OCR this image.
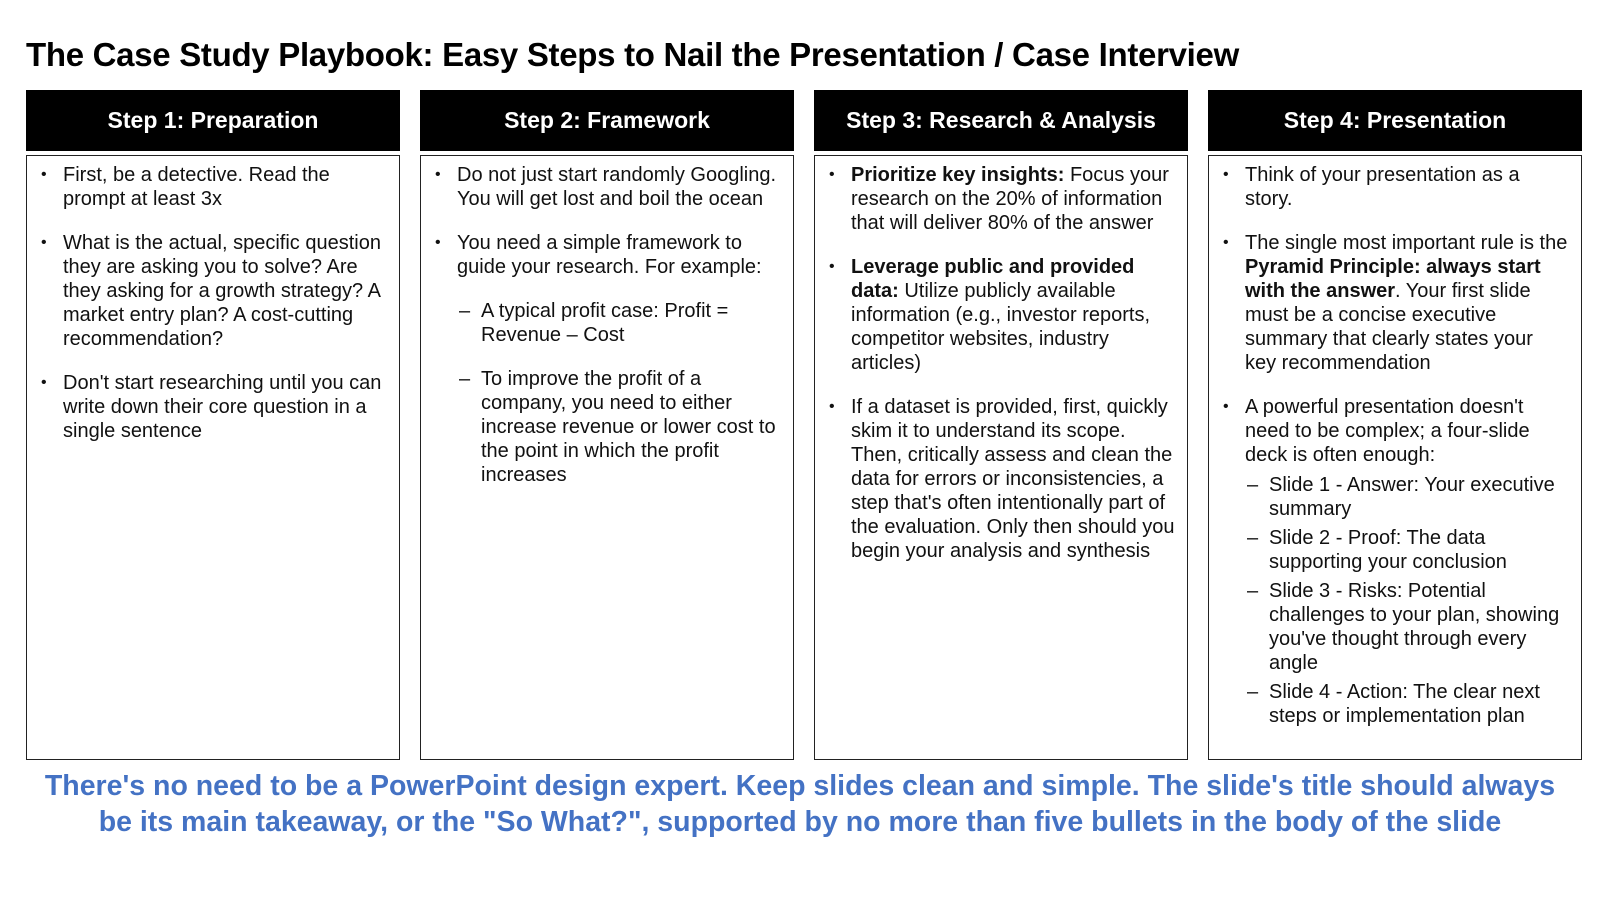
The Case Study Playbook: Easy Steps to Nail the Presentation / Case Interview
Step 1: Preparation
• First, be a detective. Read the prompt at least 3x
• What is the actual, specific question they are asking you to solve? Are they asking for a growth strategy? A market entry plan? A cost-cutting recommendation?
• Don't start researching until you can write down their core question in a single sentence
Step 2: Framework
• Do not just start randomly Googling. You will get lost and boil the ocean
• You need a simple framework to guide your research. For example:
– A typical profit case: Profit = Revenue – Cost
– To improve the profit of a company, you need to either increase revenue or lower cost to the point in which the profit increases
Step 3: Research & Analysis
• Prioritize key insights: Focus your research on the 20% of information that will deliver 80% of the answer
• Leverage public and provided data: Utilize publicly available information (e.g., investor reports, competitor websites, industry articles)
• If a dataset is provided, first, quickly skim it to understand its scope. Then, critically assess and clean the data for errors or inconsistencies, a step that's often intentionally part of the evaluation. Only then should you begin your analysis and synthesis
Step 4: Presentation
• Think of your presentation as a story.
• The single most important rule is the Pyramid Principle: always start with the answer. Your first slide must be a concise executive summary that clearly states your key recommendation
• A powerful presentation doesn't need to be complex; a four-slide deck is often enough:
– Slide 1 - Answer: Your executive summary
– Slide 2 - Proof: The data supporting your conclusion
– Slide 3 - Risks: Potential challenges to your plan, showing you've thought through every angle
– Slide 4 - Action: The clear next steps or implementation plan

There's no need to be a PowerPoint design expert. Keep slides clean and simple. The slide's title should always be its main takeaway, or the "So What?", supported by no more than five bullets in the body of the slide
